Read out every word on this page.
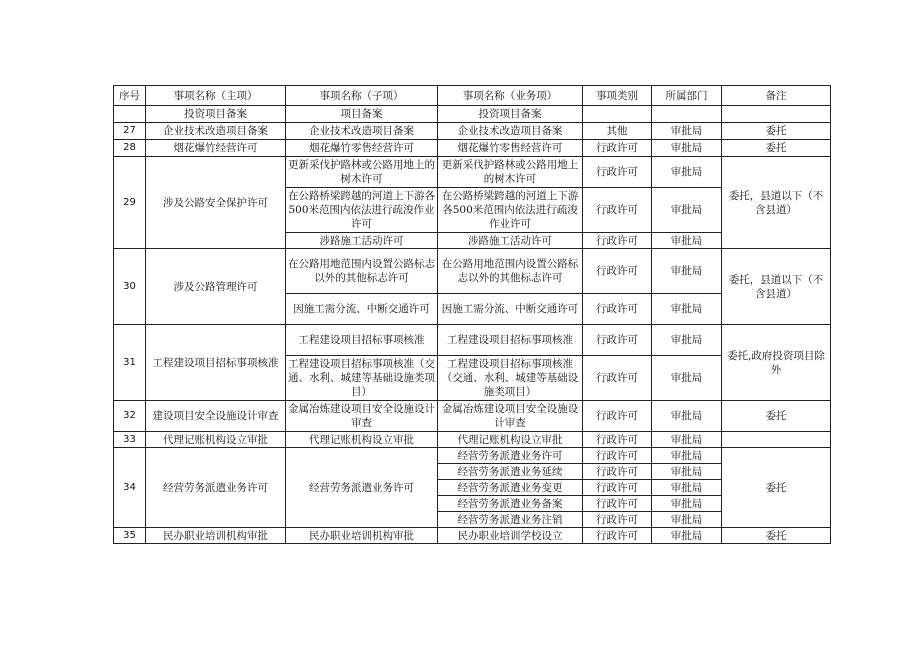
序号	事项名称（主项）	事项名称（子项）	事项名称（业务项）	事项类别	所属部门	备注
	投资项目备案	项目备案	投资项目备案			
27	企业技术改造项目备案	企业技术改造项目备案	企业技术改造项目备案	其他	审批局	委托
28	烟花爆竹经营许可	烟花爆竹零售经营许可	烟花爆竹零售经营许可	行政许可	审批局	委托
29	涉及公路安全保护许可	更新采伐护路林或公路用地上的树木许可	更新采伐护路林或公路用地上的树木许可	行政许可	审批局	委托，县道以下（不含县道）
		在公路桥梁跨越的河道上下游各500米范围内依法进行疏浚作业许可	在公路桥梁跨越的河道上下游各500米范围内依法进行疏浚作业许可	行政许可	审批局	
		涉路施工活动许可	涉路施工活动许可	行政许可	审批局	
30	涉及公路管理许可	在公路用地范围内设置公路标志以外的其他标志许可	在公路用地范围内设置公路标志以外的其他标志许可	行政许可	审批局	委托，县道以下（不含县道）
		因施工需分流、中断交通许可	因施工需分流、中断交通许可	行政许可	审批局	
31	工程建设项目招标事项核准	工程建设项目招标事项核准	工程建设项目招标事项核准	行政许可	审批局	委托,政府投资项目除外
		工程建设项目招标事项核准（交通、水利、城建等基础设施类项目）	工程建设项目招标事项核准（交通、水利、城建等基础设施类项目）	行政许可	审批局	
32	建设项目安全设施设计审查	金属冶炼建设项目安全设施设计审查	金属冶炼建设项目安全设施设计审查	行政许可	审批局	委托
33	代理记账机构设立审批	代理记账机构设立审批	代理记账机构设立审批	行政许可	审批局	
34	经营劳务派遣业务许可	经营劳务派遣业务许可	经营劳务派遣业务许可	行政许可	审批局	委托
			经营劳务派遣业务延续	行政许可	审批局	
			经营劳务派遣业务变更	行政许可	审批局	
			经营劳务派遣业务备案	行政许可	审批局	
			经营劳务派遣业务注销	行政许可	审批局	
35	民办职业培训机构审批	民办职业培训机构审批	民办职业培训学校设立	行政许可	审批局	委托
